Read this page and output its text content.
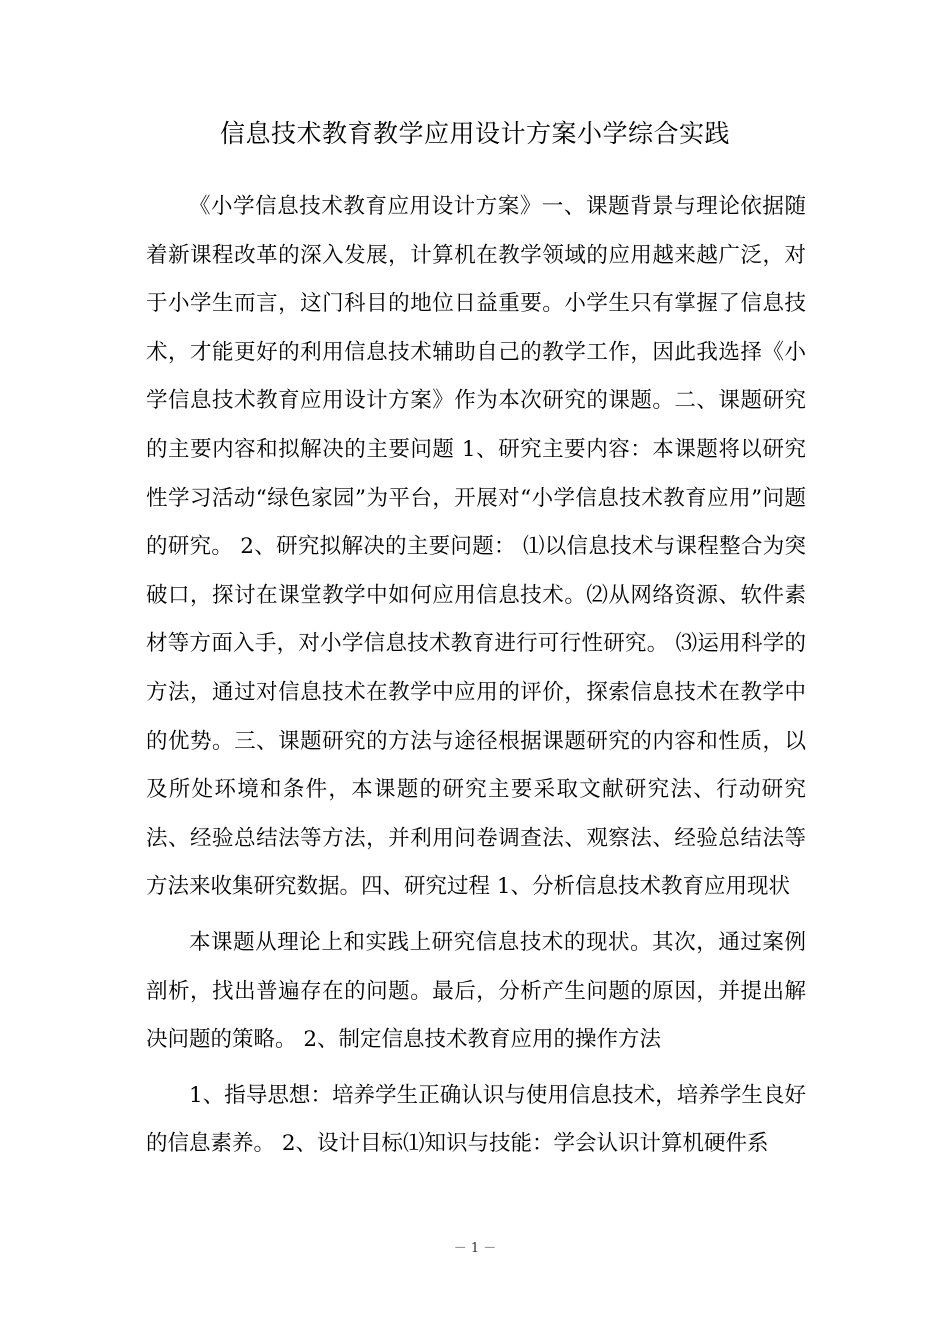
信息技术教育教学应用设计方案小学综合实践

《小学信息技术教育应用设计方案》一、课题背景与理论依据随着新课程改革的深入发展，计算机在教学领域的应用越来越广泛，对于小学生而言，这门科目的地位日益重要。小学生只有掌握了信息技术，才能更好的利用信息技术辅助自己的教学工作，因此我选择《小学信息技术教育应用设计方案》作为本次研究的课题。二、课题研究的主要内容和拟解决的主要问题 1、研究主要内容：本课题将以研究性学习活动“绿色家园”为平台，开展对“小学信息技术教育应用”问题的研究。 2、研究拟解决的主要问题： ⑴以信息技术与课程整合为突破口，探讨在课堂教学中如何应用信息技术。⑵从网络资源、软件素材等方面入手，对小学信息技术教育进行可行性研究。 ⑶运用科学的方法，通过对信息技术在教学中应用的评价，探索信息技术在教学中的优势。三、课题研究的方法与途径根据课题研究的内容和性质，以及所处环境和条件，本课题的研究主要采取文献研究法、行动研究法、经验总结法等方法，并利用问卷调查法、观察法、经验总结法等方法来收集研究数据。四、研究过程 1、分析信息技术教育应用现状

本课题从理论上和实践上研究信息技术的现状。其次，通过案例剖析，找出普遍存在的问题。最后，分析产生问题的原因，并提出解决问题的策略。 2、制定信息技术教育应用的操作方法

1、指导思想：培养学生正确认识与使用信息技术，培养学生良好的信息素养。 2、设计目标⑴知识与技能：学会认识计算机硬件系

－ 1 －
